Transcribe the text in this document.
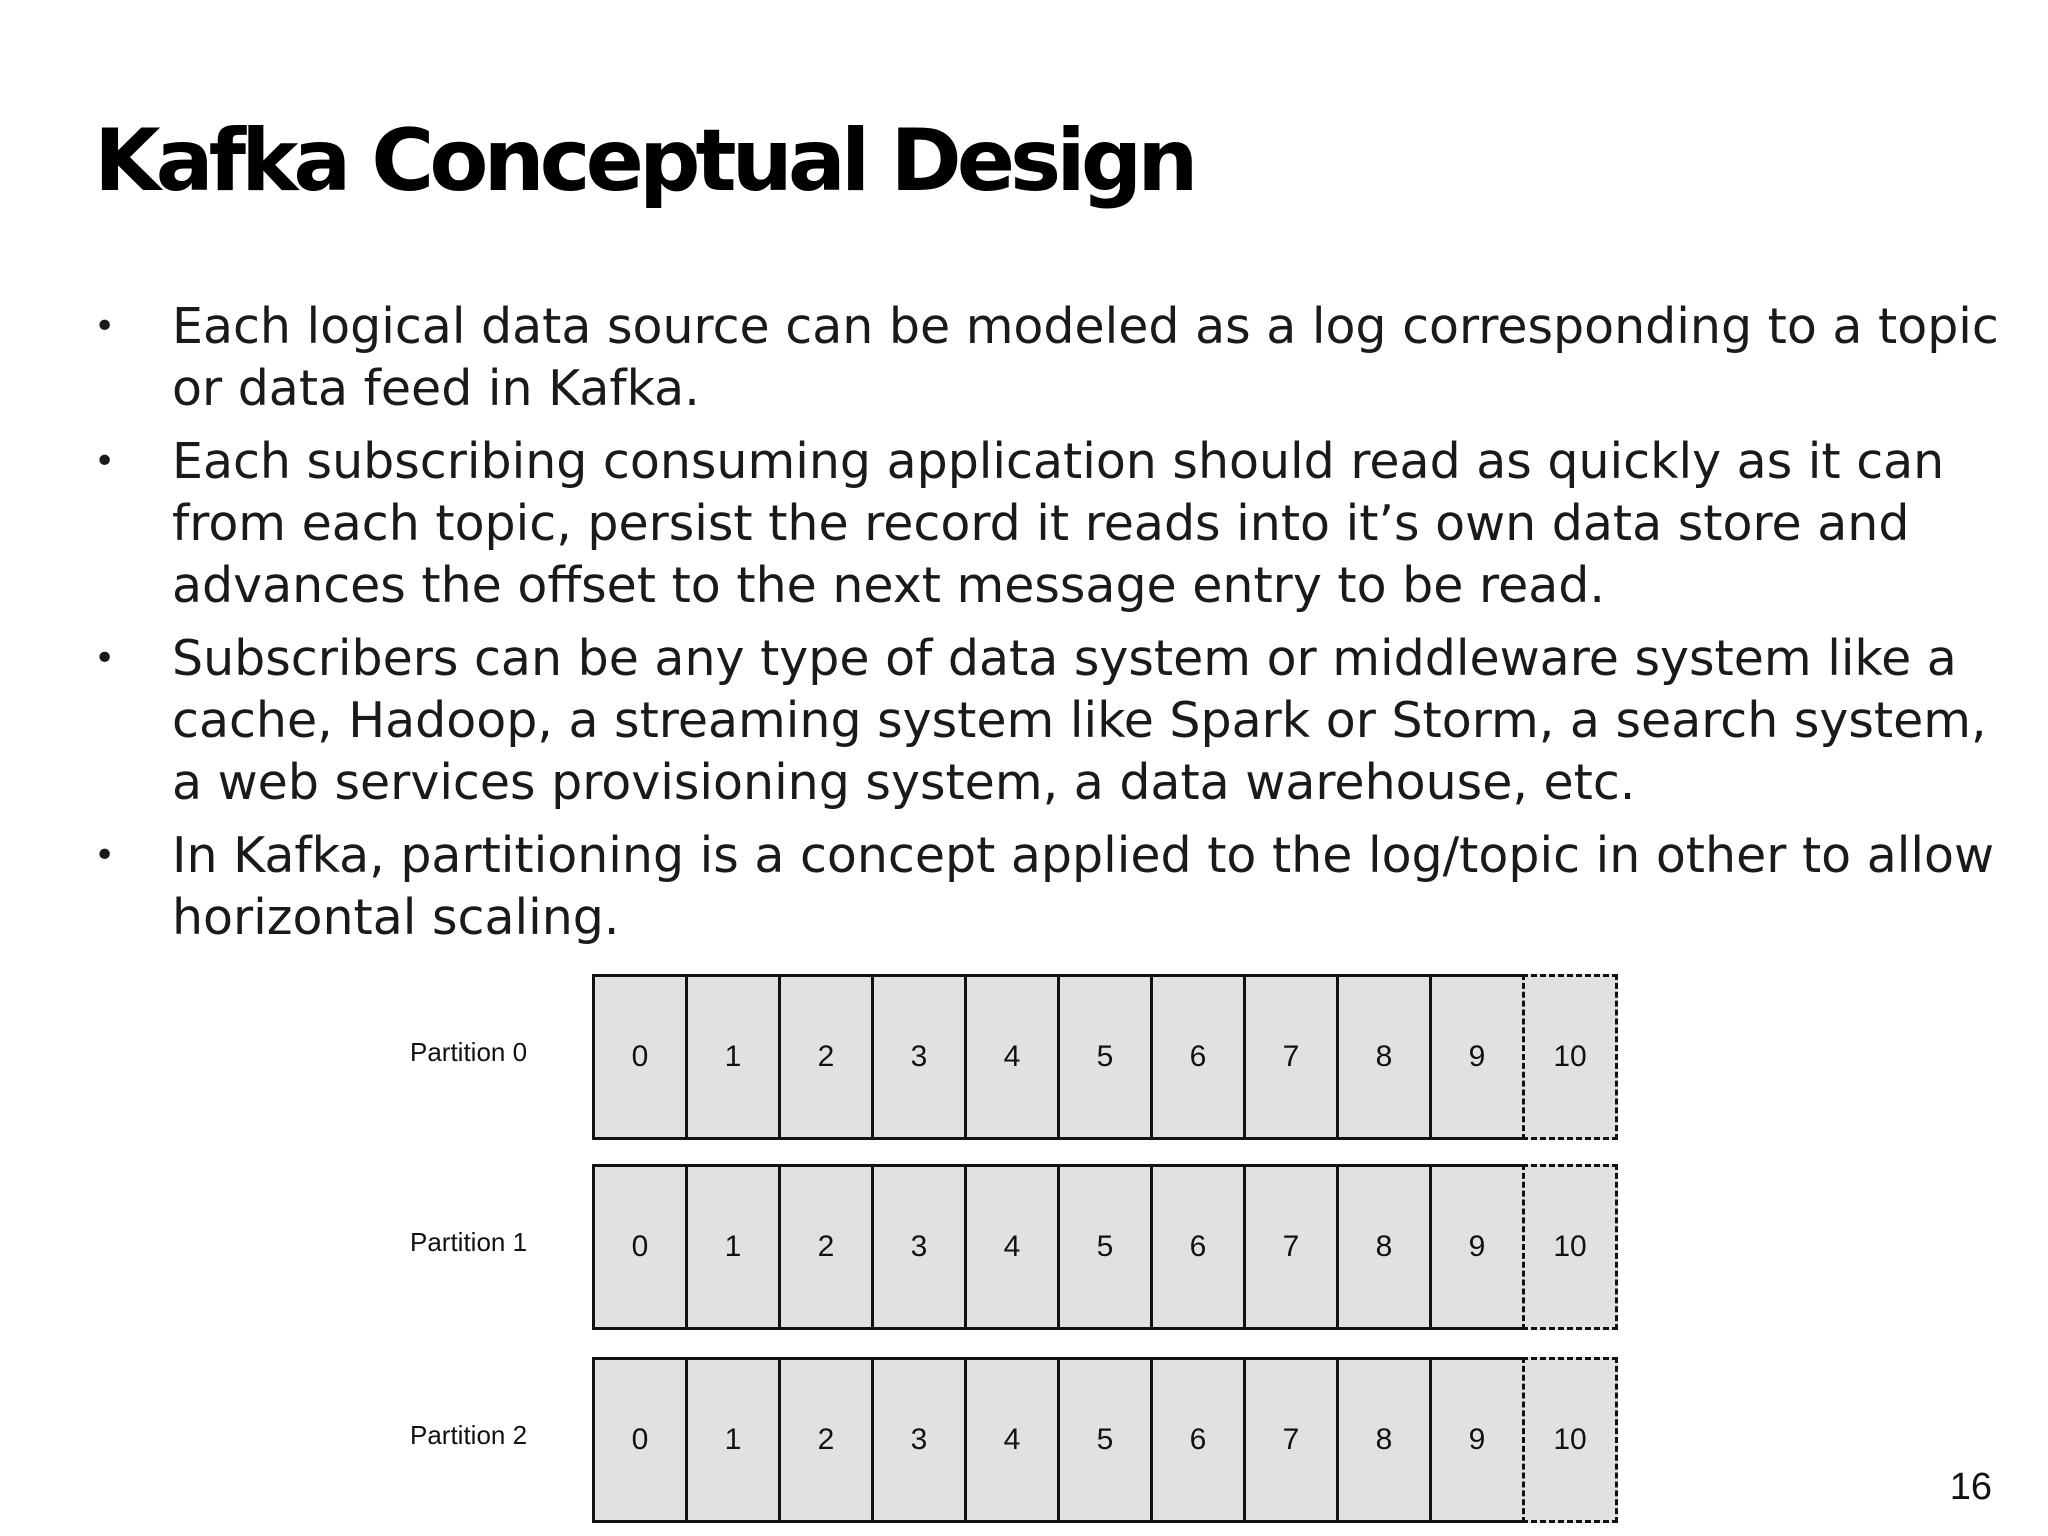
Kafka Conceptual Design
• Each logical data source can be modeled as a log corresponding to a topic or data feed in Kafka.
• Each subscribing consuming application should read as quickly as it can from each topic, persist the record it reads into it’s own data store and advances the offset to the next message entry to be read.
• Subscribers can be any type of data system or middleware system like a cache, Hadoop, a streaming system like Spark or Storm, a search system, a web services provisioning system, a data warehouse, etc.
• In Kafka, partitioning is a concept applied to the log/topic in other to allow horizontal scaling.
Partition 0	0	1	2	3	4	5	6	7	8	9	10
Partition 1	0	1	2	3	4	5	6	7	8	9	10
Partition 2	0	1	2	3	4	5	6	7	8	9	10
16
